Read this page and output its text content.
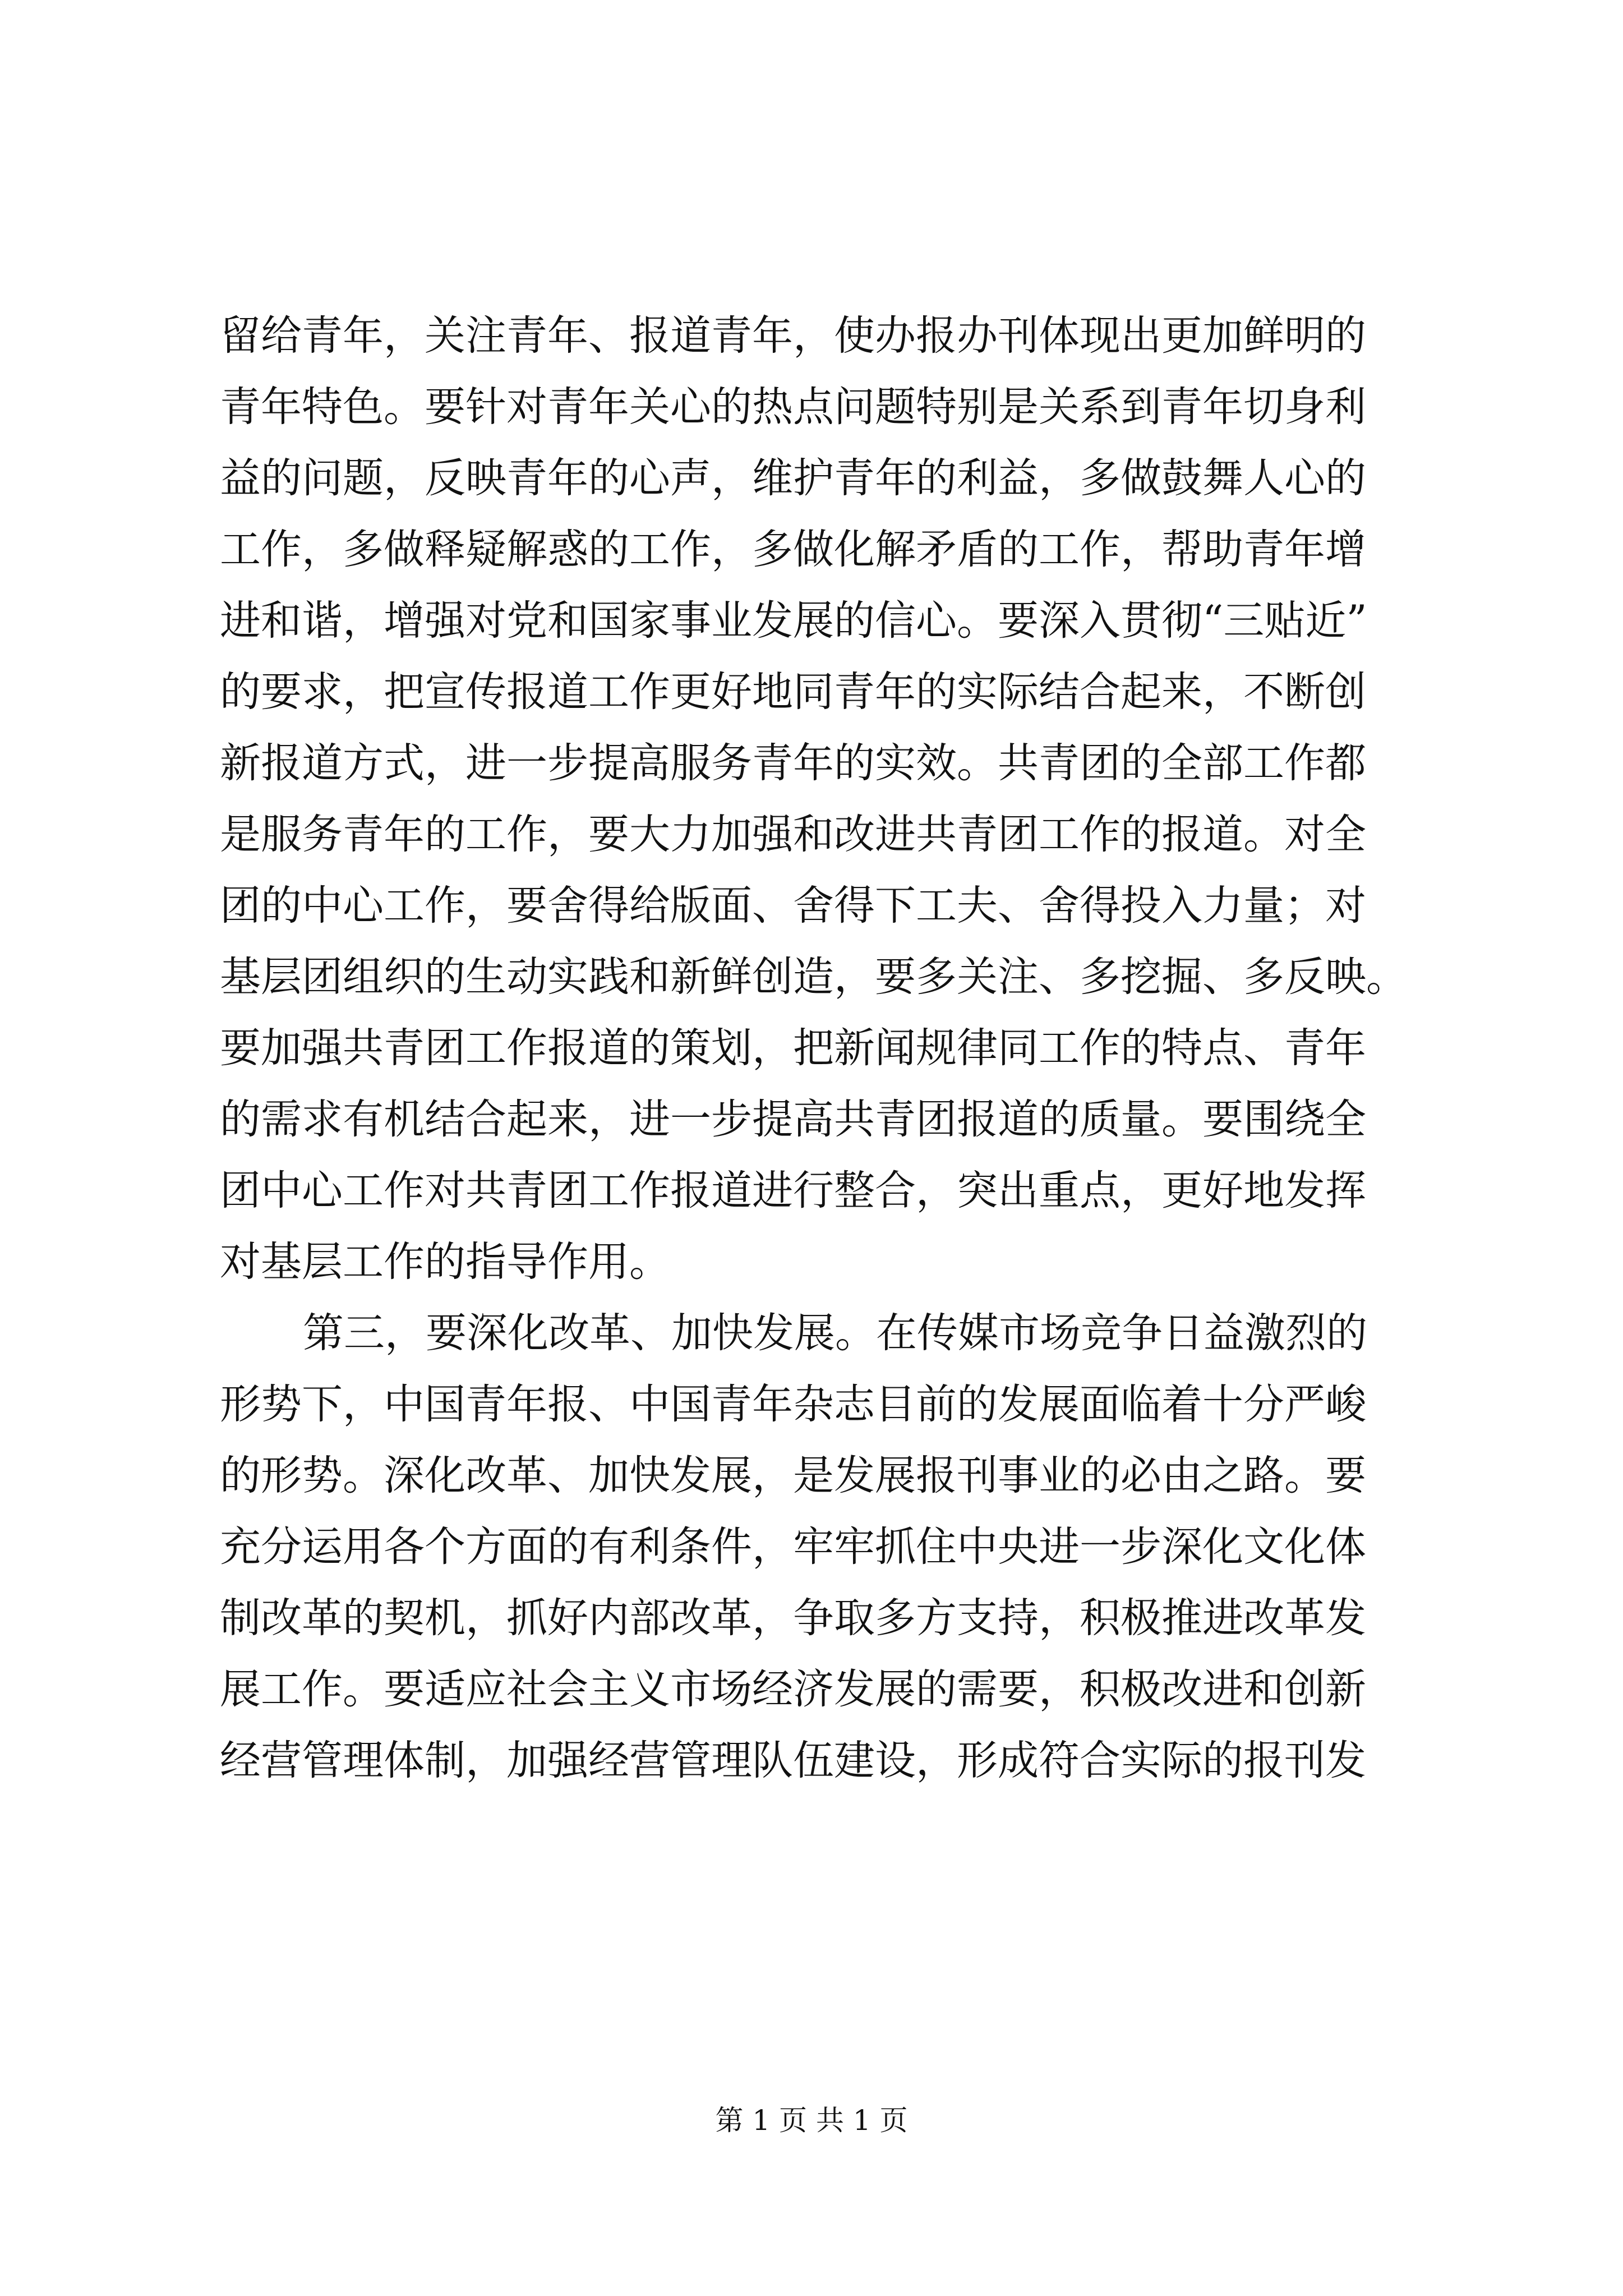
留给青年，关注青年、报道青年，使办报办刊体现出更加鲜明的
青年特色。要针对青年关心的热点问题特别是关系到青年切身利
益的问题，反映青年的心声，维护青年的利益，多做鼓舞人心的
工作，多做释疑解惑的工作，多做化解矛盾的工作，帮助青年增
进和谐，增强对党和国家事业发展的信心。要深入贯彻“三贴近”
的要求，把宣传报道工作更好地同青年的实际结合起来，不断创
新报道方式，进一步提高服务青年的实效。共青团的全部工作都
是服务青年的工作，要大力加强和改进共青团工作的报道。对全
团的中心工作，要舍得给版面、舍得下工夫、舍得投入力量；对
基层团组织的生动实践和新鲜创造，要多关注、多挖掘、多反映。
要加强共青团工作报道的策划，把新闻规律同工作的特点、青年
的需求有机结合起来，进一步提高共青团报道的质量。要围绕全
团中心工作对共青团工作报道进行整合，突出重点，更好地发挥
对基层工作的指导作用。
第三，要深化改革、加快发展。在传媒市场竞争日益激烈的
形势下，中国青年报、中国青年杂志目前的发展面临着十分严峻
的形势。深化改革、加快发展，是发展报刊事业的必由之路。要
充分运用各个方面的有利条件，牢牢抓住中央进一步深化文化体
制改革的契机，抓好内部改革，争取多方支持，积极推进改革发
展工作。要适应社会主义市场经济发展的需要，积极改进和创新
经营管理体制，加强经营管理队伍建设，形成符合实际的报刊发
第 1 页 共 1 页
